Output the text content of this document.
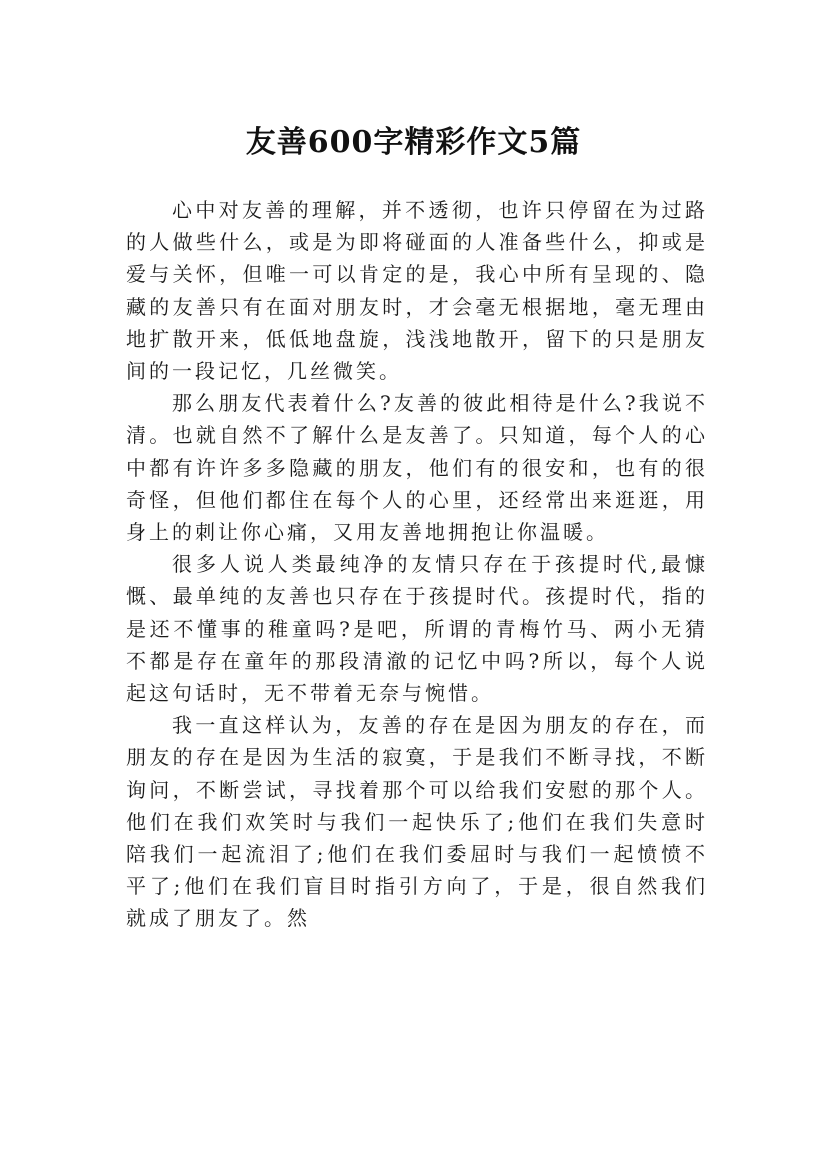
友善600字精彩作文5篇

心中对友善的理解，并不透彻，也许只停留在为过路的人做些什么，或是为即将碰面的人准备些什么，抑或是爱与关怀，但唯一可以肯定的是，我心中所有呈现的、隐藏的友善只有在面对朋友时，才会毫无根据地，毫无理由地扩散开来，低低地盘旋，浅浅地散开，留下的只是朋友间的一段记忆，几丝微笑。

那么朋友代表着什么?友善的彼此相待是什么?我说不清。也就自然不了解什么是友善了。只知道，每个人的心中都有许许多多隐藏的朋友，他们有的很安和，也有的很奇怪，但他们都住在每个人的心里，还经常出来逛逛，用身上的刺让你心痛，又用友善地拥抱让你温暖。

很多人说人类最纯净的友情只存在于孩提时代,最慷慨、最单纯的友善也只存在于孩提时代。孩提时代，指的是还不懂事的稚童吗?是吧，所谓的青梅竹马、两小无猜不都是存在童年的那段清澈的记忆中吗?所以，每个人说起这句话时，无不带着无奈与惋惜。

我一直这样认为，友善的存在是因为朋友的存在，而朋友的存在是因为生活的寂寞，于是我们不断寻找，不断询问，不断尝试，寻找着那个可以给我们安慰的那个人。他们在我们欢笑时与我们一起快乐了;他们在我们失意时陪我们一起流泪了;他们在我们委屈时与我们一起愤愤不平了;他们在我们盲目时指引方向了，于是，很自然我们就成了朋友了。然
